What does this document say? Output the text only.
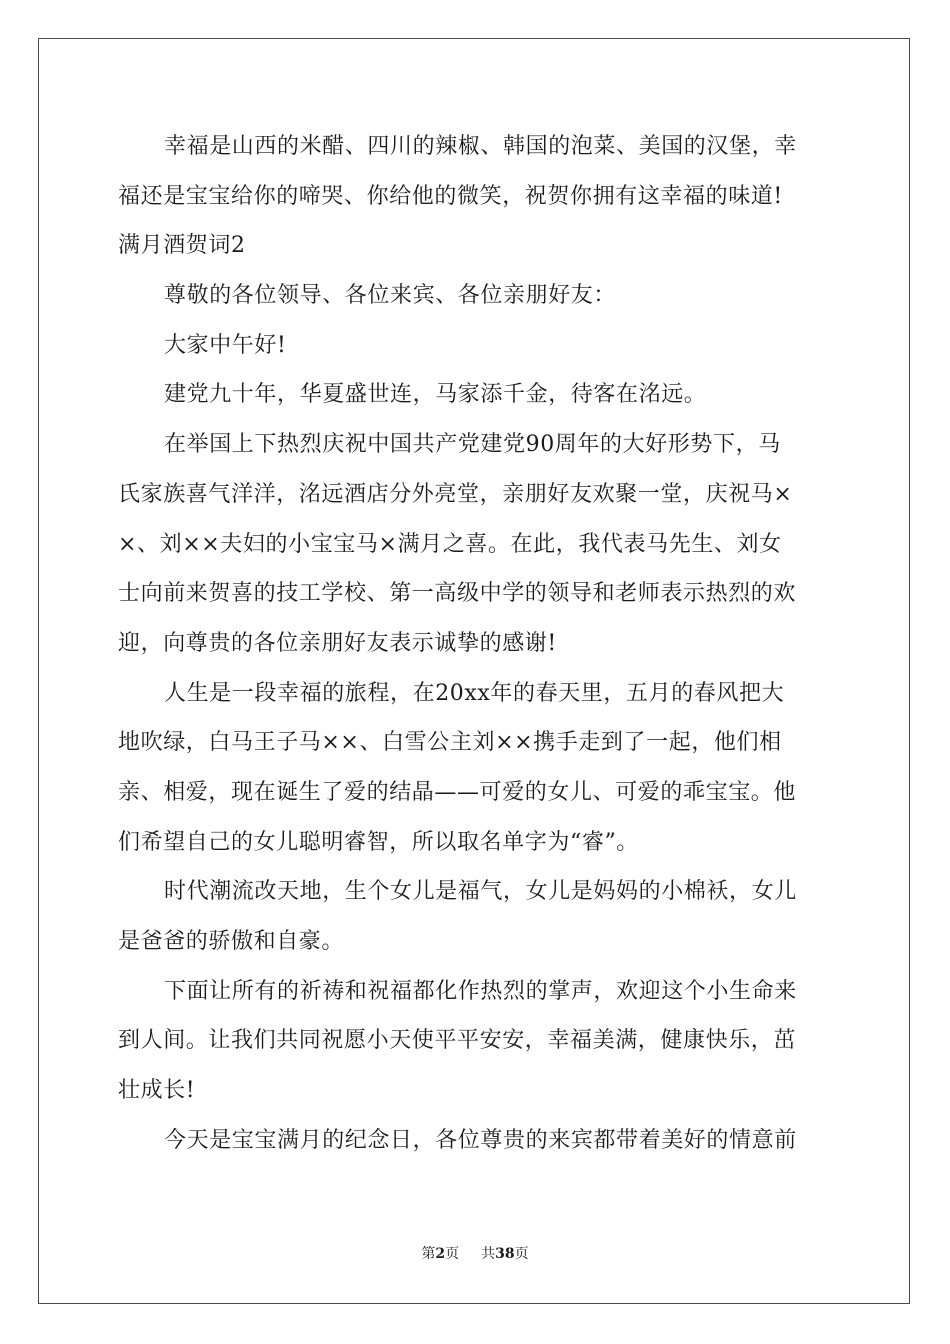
幸福是山西的米醋、四川的辣椒、韩国的泡菜、美国的汉堡，幸
福还是宝宝给你的啼哭、你给他的微笑，祝贺你拥有这幸福的味道!
满月酒贺词2
尊敬的各位领导、各位来宾、各位亲朋好友：
大家中午好!
建党九十年，华夏盛世连，马家添千金，待客在洺远。
在举国上下热烈庆祝中国共产党建党90周年的大好形势下，马
氏家族喜气洋洋，洺远酒店分外亮堂，亲朋好友欢聚一堂，庆祝马×
×、刘××夫妇的小宝宝马×满月之喜。在此，我代表马先生、刘女
士向前来贺喜的技工学校、第一高级中学的领导和老师表示热烈的欢
迎，向尊贵的各位亲朋好友表示诚挚的感谢!
人生是一段幸福的旅程，在20xx年的春天里，五月的春风把大
地吹绿，白马王子马××、白雪公主刘××携手走到了一起，他们相
亲、相爱，现在诞生了爱的结晶——可爱的女儿、可爱的乖宝宝。他
们希望自己的女儿聪明睿智，所以取名单字为“睿”。
时代潮流改天地，生个女儿是福气，女儿是妈妈的小棉袄，女儿
是爸爸的骄傲和自豪。
下面让所有的祈祷和祝福都化作热烈的掌声，欢迎这个小生命来
到人间。让我们共同祝愿小天使平平安安，幸福美满，健康快乐，茁
壮成长!
今天是宝宝满月的纪念日，各位尊贵的来宾都带着美好的情意前
第2页 共38页
